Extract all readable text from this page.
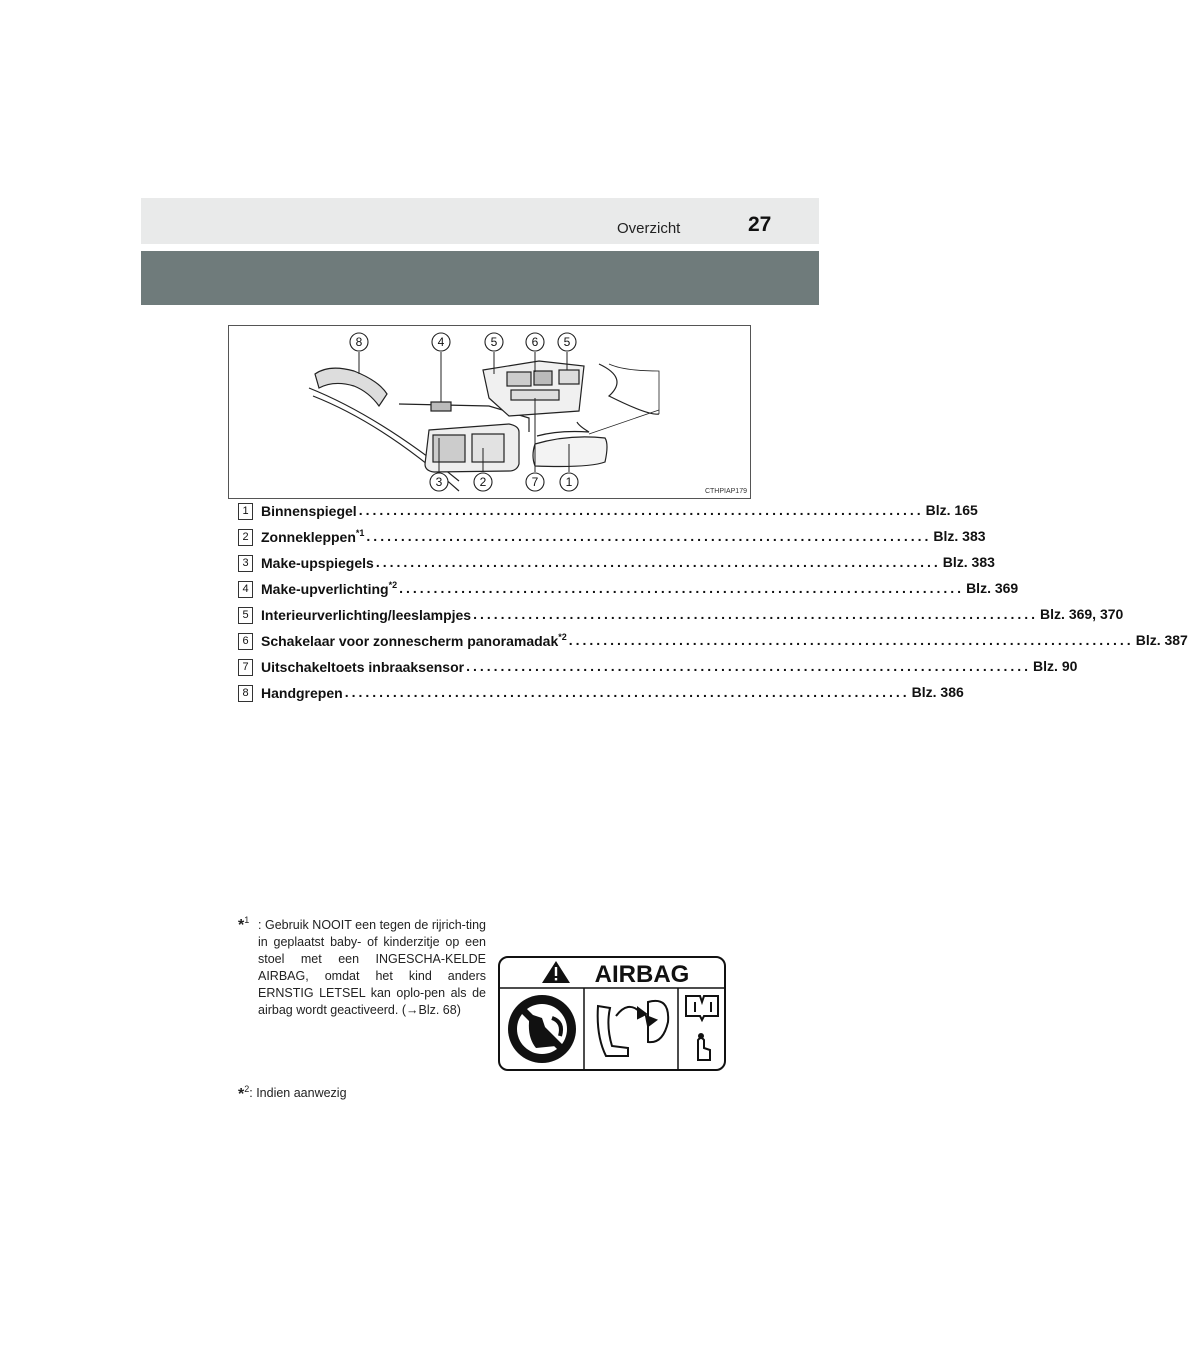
Overzicht	27
8	4	5	6 5
3	2	7 1
CTHPIAP179
1 Binnenspiegel .................................................................................. Blz. 165
2 Zonnekleppen$^{*1}$ .................................................................................. Blz. 383
3 Make-upspiegels .................................................................................. Blz. 383
4 Make-upverlichting$^{*2}$ .................................................................................. Blz. 369
5 Interieurverlichting/leeslampjes .................................................................................. Blz. 369, 370
6 Schakelaar voor zonnescherm panoramadak$^{*2}$ .................................................................................. Blz. 387
7 Uitschakeltoets inbraaksensor .................................................................................. Blz. 90
8 Handgrepen .................................................................................. Blz. 386
*$^1$ : Gebruik NOOIT een tegen de rijrich-ting in geplaatst baby- of kinderzitje op een stoel met een INGESCHA-KELDE AIRBAG, omdat het kind anders ERNSTIG LETSEL kan oplo-pen als de airbag wordt geactiveerd. (→Blz. 68)
*$^2$: Indien aanwezig
AIRBAG
